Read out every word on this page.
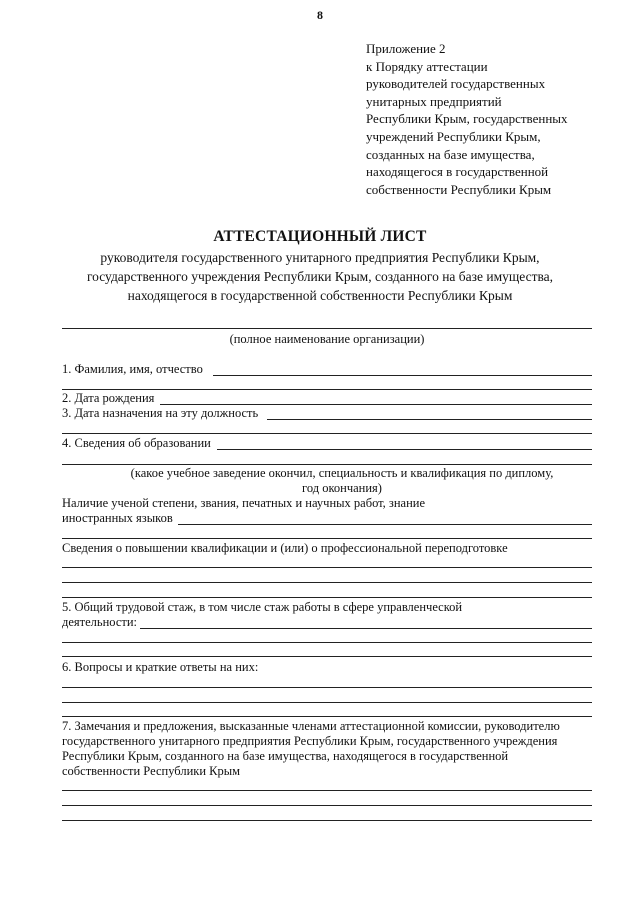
8
Приложение 2
к Порядку аттестации
руководителей государственных
унитарных предприятий
Республики Крым, государственных
учреждений Республики Крым,
созданных на базе имущества,
находящегося в государственной
собственности Республики Крым
АТТЕСТАЦИОННЫЙ ЛИСТ
руководителя государственного унитарного предприятия Республики Крым,
государственного учреждения Республики Крым, созданного на базе имущества,
находящегося в государственной собственности Республики Крым
(полное наименование организации)
1. Фамилия, имя, отчество
2. Дата рождения
3. Дата назначения на эту должность
4. Сведения об образовании
(какое учебное заведение окончил, специальность и квалификация по диплому,
год окончания)
Наличие ученой степени, звания, печатных и научных работ, знание
иностранных языков
Сведения о повышении квалификации и (или) о профессиональной переподготовке
5. Общий трудовой стаж, в том числе стаж работы в сфере управленческой
деятельности:
6. Вопросы и краткие ответы на них:
7. Замечания и предложения, высказанные членами аттестационной комиссии, руководителю
государственного унитарного предприятия Республики Крым, государственного учреждения
Республики Крым, созданного на базе имущества, находящегося в государственной
собственности Республики Крым
